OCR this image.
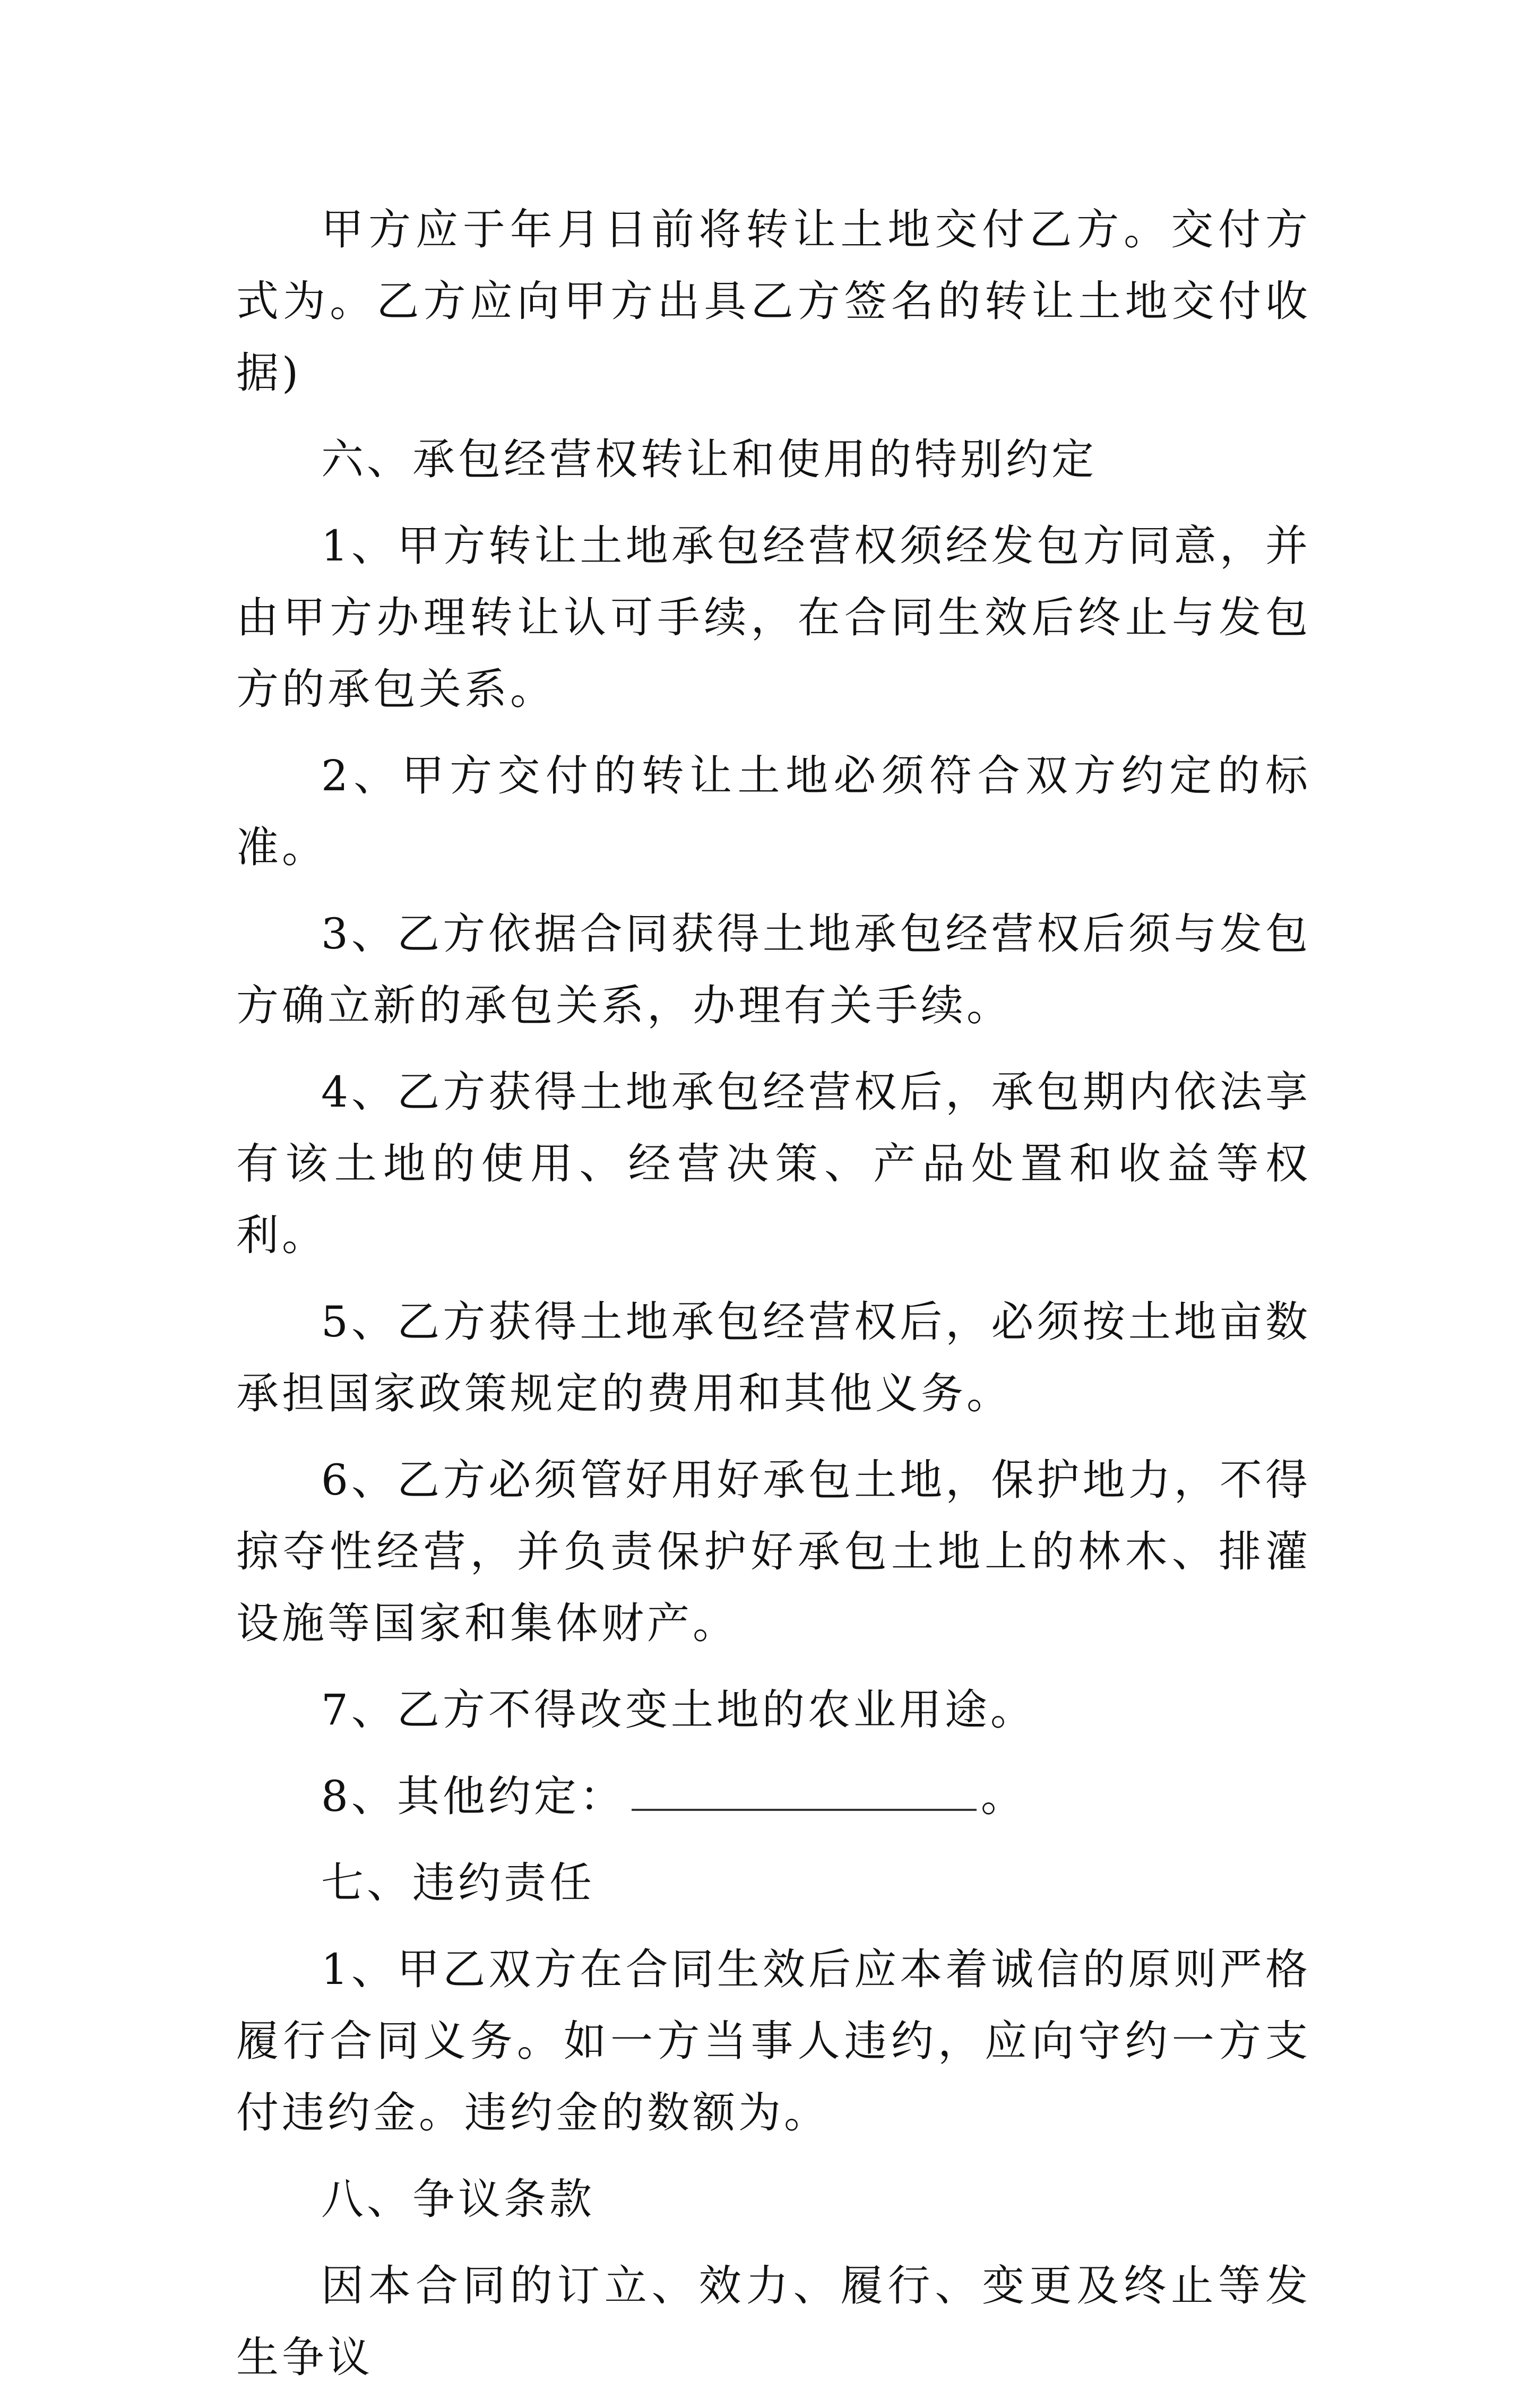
甲方应于年月日前将转让土地交付乙方。交付方式为。乙方应向甲方出具乙方签名的转让土地交付收据)

六、承包经营权转让和使用的特别约定

1、甲方转让土地承包经营权须经发包方同意，并由甲方办理转让认可手续，在合同生效后终止与发包方的承包关系。

2、甲方交付的转让土地必须符合双方约定的标准。

3、乙方依据合同获得土地承包经营权后须与发包方确立新的承包关系，办理有关手续。

4、乙方获得土地承包经营权后，承包期内依法享有该土地的使用、经营决策、产品处置和收益等权利。

5、乙方获得土地承包经营权后，必须按土地亩数承担国家政策规定的费用和其他义务。

6、乙方必须管好用好承包土地，保护地力，不得掠夺性经营，并负责保护好承包土地上的林木、排灌设施等国家和集体财产。

7、乙方不得改变土地的农业用途。

8、其他约定：	。

七、违约责任

1、甲乙双方在合同生效后应本着诚信的原则严格履行合同义务。如一方当事人违约，应向守约一方支付违约金。违约金的数额为。

八、争议条款

因本合同的订立、效力、履行、变更及终止等发生争议
